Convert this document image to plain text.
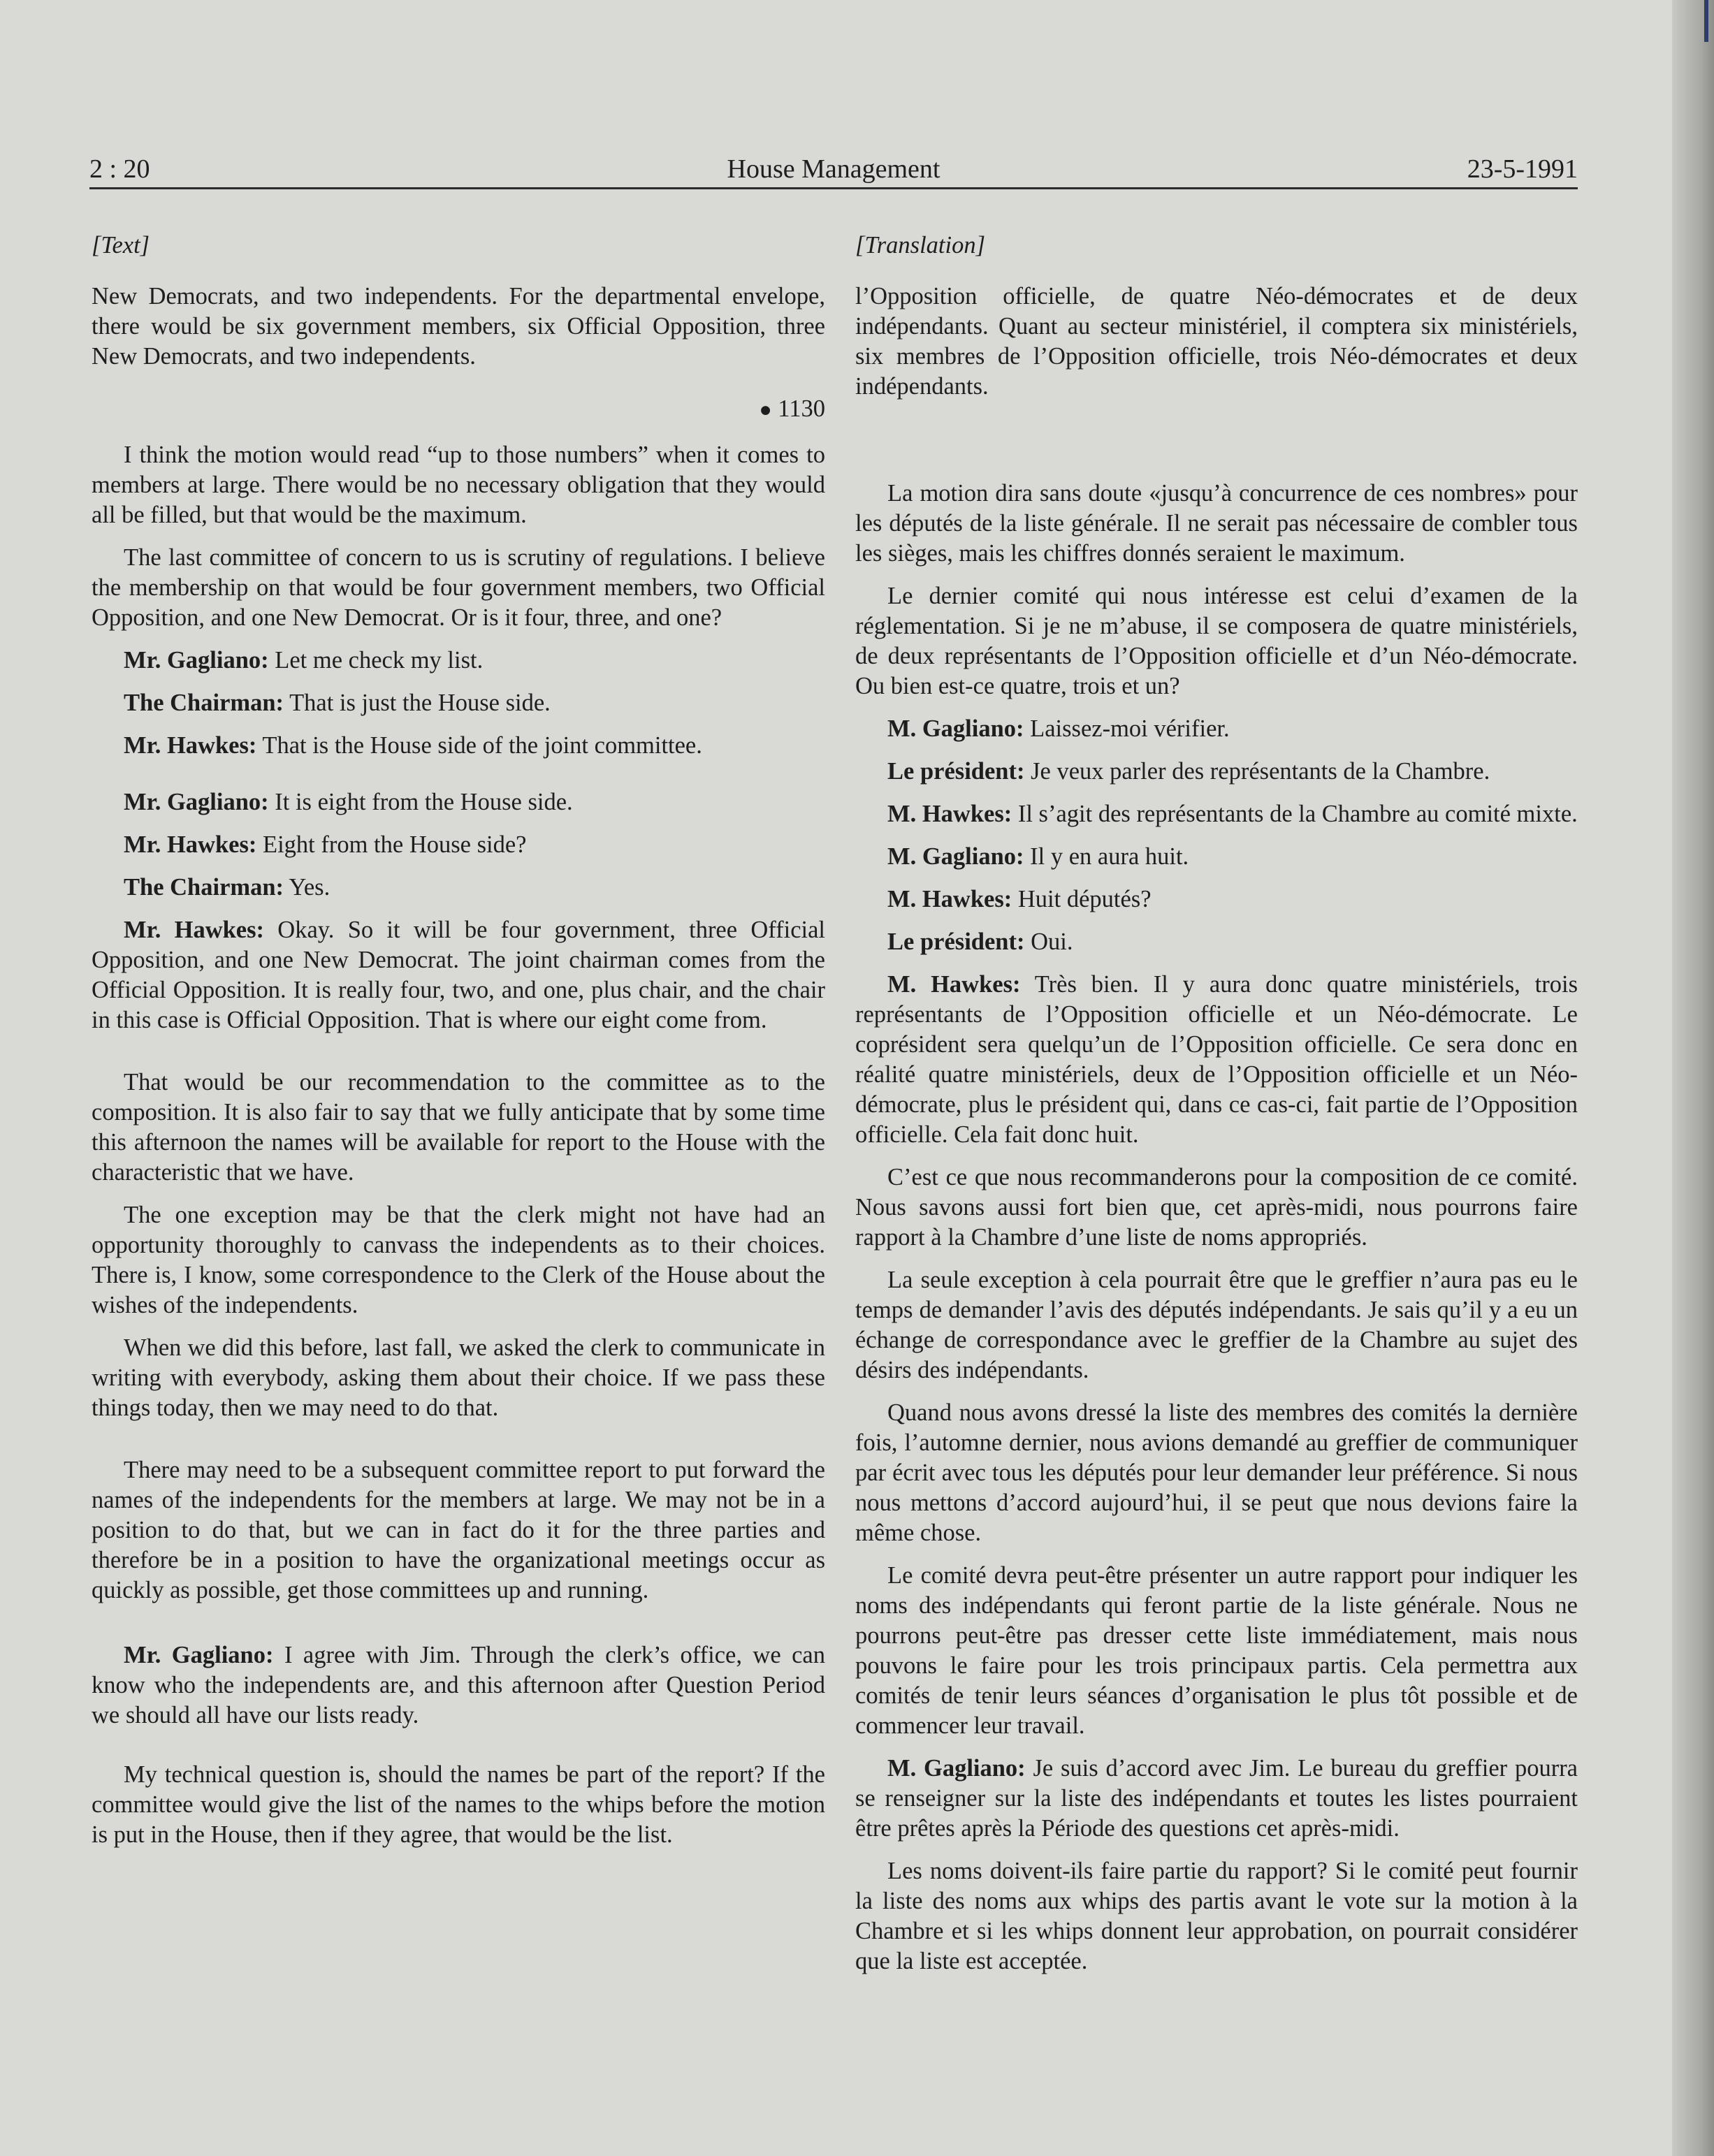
2 : 20	House Management	23-5-1991

[Text]

New Democrats, and two independents. For the departmental envelope, there would be six government members, six Official Opposition, three New Democrats, and two independents.

● 1130

I think the motion would read “up to those numbers” when it comes to members at large. There would be no necessary obligation that they would all be filled, but that would be the maximum.

The last committee of concern to us is scrutiny of regulations. I believe the membership on that would be four government members, two Official Opposition, and one New Democrat. Or is it four, three, and one?

Mr. Gagliano: Let me check my list.

The Chairman: That is just the House side.

Mr. Hawkes: That is the House side of the joint committee.

Mr. Gagliano: It is eight from the House side.

Mr. Hawkes: Eight from the House side?

The Chairman: Yes.

Mr. Hawkes: Okay. So it will be four government, three Official Opposition, and one New Democrat. The joint chairman comes from the Official Opposition. It is really four, two, and one, plus chair, and the chair in this case is Official Opposition. That is where our eight come from.

That would be our recommendation to the committee as to the composition. It is also fair to say that we fully anticipate that by some time this afternoon the names will be available for report to the House with the characteristic that we have.

The one exception may be that the clerk might not have had an opportunity thoroughly to canvass the independents as to their choices. There is, I know, some correspondence to the Clerk of the House about the wishes of the independents.

When we did this before, last fall, we asked the clerk to communicate in writing with everybody, asking them about their choice. If we pass these things today, then we may need to do that.

There may need to be a subsequent committee report to put forward the names of the independents for the members at large. We may not be in a position to do that, but we can in fact do it for the three parties and therefore be in a position to have the organizational meetings occur as quickly as possible, get those committees up and running.

Mr. Gagliano: I agree with Jim. Through the clerk’s office, we can know who the independents are, and this afternoon after Question Period we should all have our lists ready.

My technical question is, should the names be part of the report? If the committee would give the list of the names to the whips before the motion is put in the House, then if they agree, that would be the list.

[Translation]

l’Opposition officielle, de quatre Néo-démocrates et de deux indépendants. Quant au secteur ministériel, il comptera six ministériels, six membres de l’Opposition officielle, trois Néo-démocrates et deux indépendants.

La motion dira sans doute «jusqu’à concurrence de ces nombres» pour les députés de la liste générale. Il ne serait pas nécessaire de combler tous les sièges, mais les chiffres donnés seraient le maximum.

Le dernier comité qui nous intéresse est celui d’examen de la réglementation. Si je ne m’abuse, il se composera de quatre ministériels, de deux représentants de l’Opposition officielle et d’un Néo-démocrate. Ou bien est-ce quatre, trois et un?

M. Gagliano: Laissez-moi vérifier.

Le président: Je veux parler des représentants de la Chambre.

M. Hawkes: Il s’agit des représentants de la Chambre au comité mixte.

M. Gagliano: Il y en aura huit.

M. Hawkes: Huit députés?

Le président: Oui.

M. Hawkes: Très bien. Il y aura donc quatre ministériels, trois représentants de l’Opposition officielle et un Néo-démocrate. Le coprésident sera quelqu’un de l’Opposition officielle. Ce sera donc en réalité quatre ministériels, deux de l’Opposition officielle et un Néo-démocrate, plus le président qui, dans ce cas-ci, fait partie de l’Opposition officielle. Cela fait donc huit.

C’est ce que nous recommanderons pour la composition de ce comité. Nous savons aussi fort bien que, cet après-midi, nous pourrons faire rapport à la Chambre d’une liste de noms appropriés.

La seule exception à cela pourrait être que le greffier n’aura pas eu le temps de demander l’avis des députés indépendants. Je sais qu’il y a eu un échange de correspondance avec le greffier de la Chambre au sujet des désirs des indépendants.

Quand nous avons dressé la liste des membres des comités la dernière fois, l’automne dernier, nous avions demandé au greffier de communiquer par écrit avec tous les députés pour leur demander leur préférence. Si nous nous mettons d’accord aujourd’hui, il se peut que nous devions faire la même chose.

Le comité devra peut-être présenter un autre rapport pour indiquer les noms des indépendants qui feront partie de la liste générale. Nous ne pourrons peut-être pas dresser cette liste immédiatement, mais nous pouvons le faire pour les trois principaux partis. Cela permettra aux comités de tenir leurs séances d’organisation le plus tôt possible et de commencer leur travail.

M. Gagliano: Je suis d’accord avec Jim. Le bureau du greffier pourra se renseigner sur la liste des indépendants et toutes les listes pourraient être prêtes après la Période des questions cet après-midi.

Les noms doivent-ils faire partie du rapport? Si le comité peut fournir la liste des noms aux whips des partis avant le vote sur la motion à la Chambre et si les whips donnent leur approbation, on pourrait considérer que la liste est acceptée.
